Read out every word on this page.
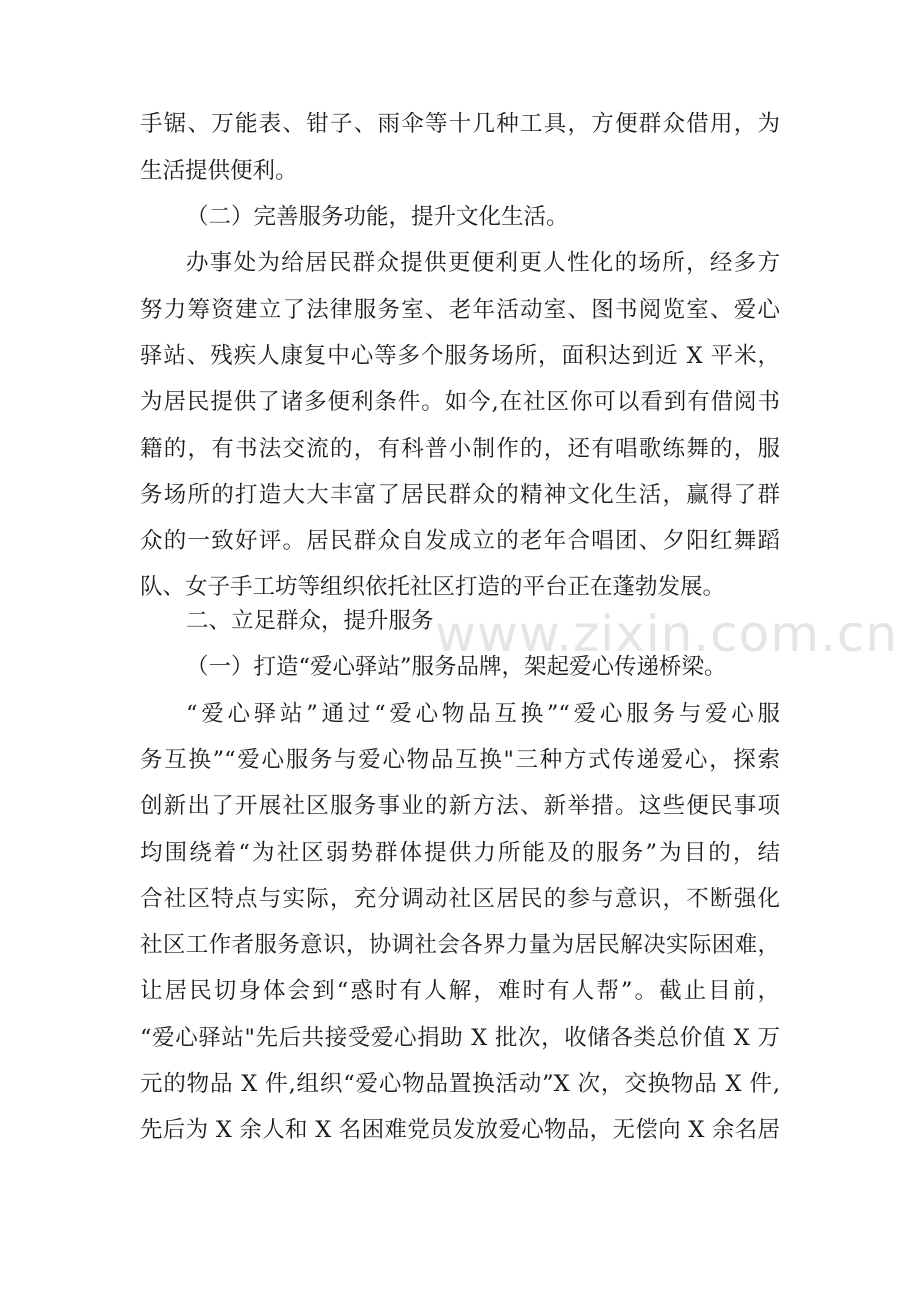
手锯、万能表、钳子、雨伞等十几种工具，方便群众借用，为
生活提供便利。
（二）完善服务功能，提升文化生活。
办事处为给居民群众提供更便利更人性化的场所，经多方
努力筹资建立了法律服务室、老年活动室、图书阅览室、爱心
驿站、残疾人康复中心等多个服务场所，面积达到近 X 平米，
为居民提供了诸多便利条件。如今,在社区你可以看到有借阅书
籍的，有书法交流的，有科普小制作的，还有唱歌练舞的，服
务场所的打造大大丰富了居民群众的精神文化生活，赢得了群
众的一致好评。居民群众自发成立的老年合唱团、夕阳红舞蹈
队、女子手工坊等组织依托社区打造的平台正在蓬勃发展。
二、立足群众，提升服务
（一）打造“爱心驿站”服务品牌，架起爱心传递桥梁。
“爱心驿站”通过“爱心物品互换”“爱心服务与爱心服
务互换”“爱心服务与爱心物品互换"三种方式传递爱心，探索
创新出了开展社区服务事业的新方法、新举措。这些便民事项
均围绕着“为社区弱势群体提供力所能及的服务”为目的，结
合社区特点与实际，充分调动社区居民的参与意识，不断强化
社区工作者服务意识，协调社会各界力量为居民解决实际困难，
让居民切身体会到“惑时有人解，难时有人帮”。截止目前，
“爱心驿站"先后共接受爱心捐助 X 批次，收储各类总价值 X 万
元的物品 X 件,组织“爱心物品置换活动”X 次，交换物品 X 件,
先后为 X 余人和 X 名困难党员发放爱心物品，无偿向 X 余名居
www.zixin.com.cn
